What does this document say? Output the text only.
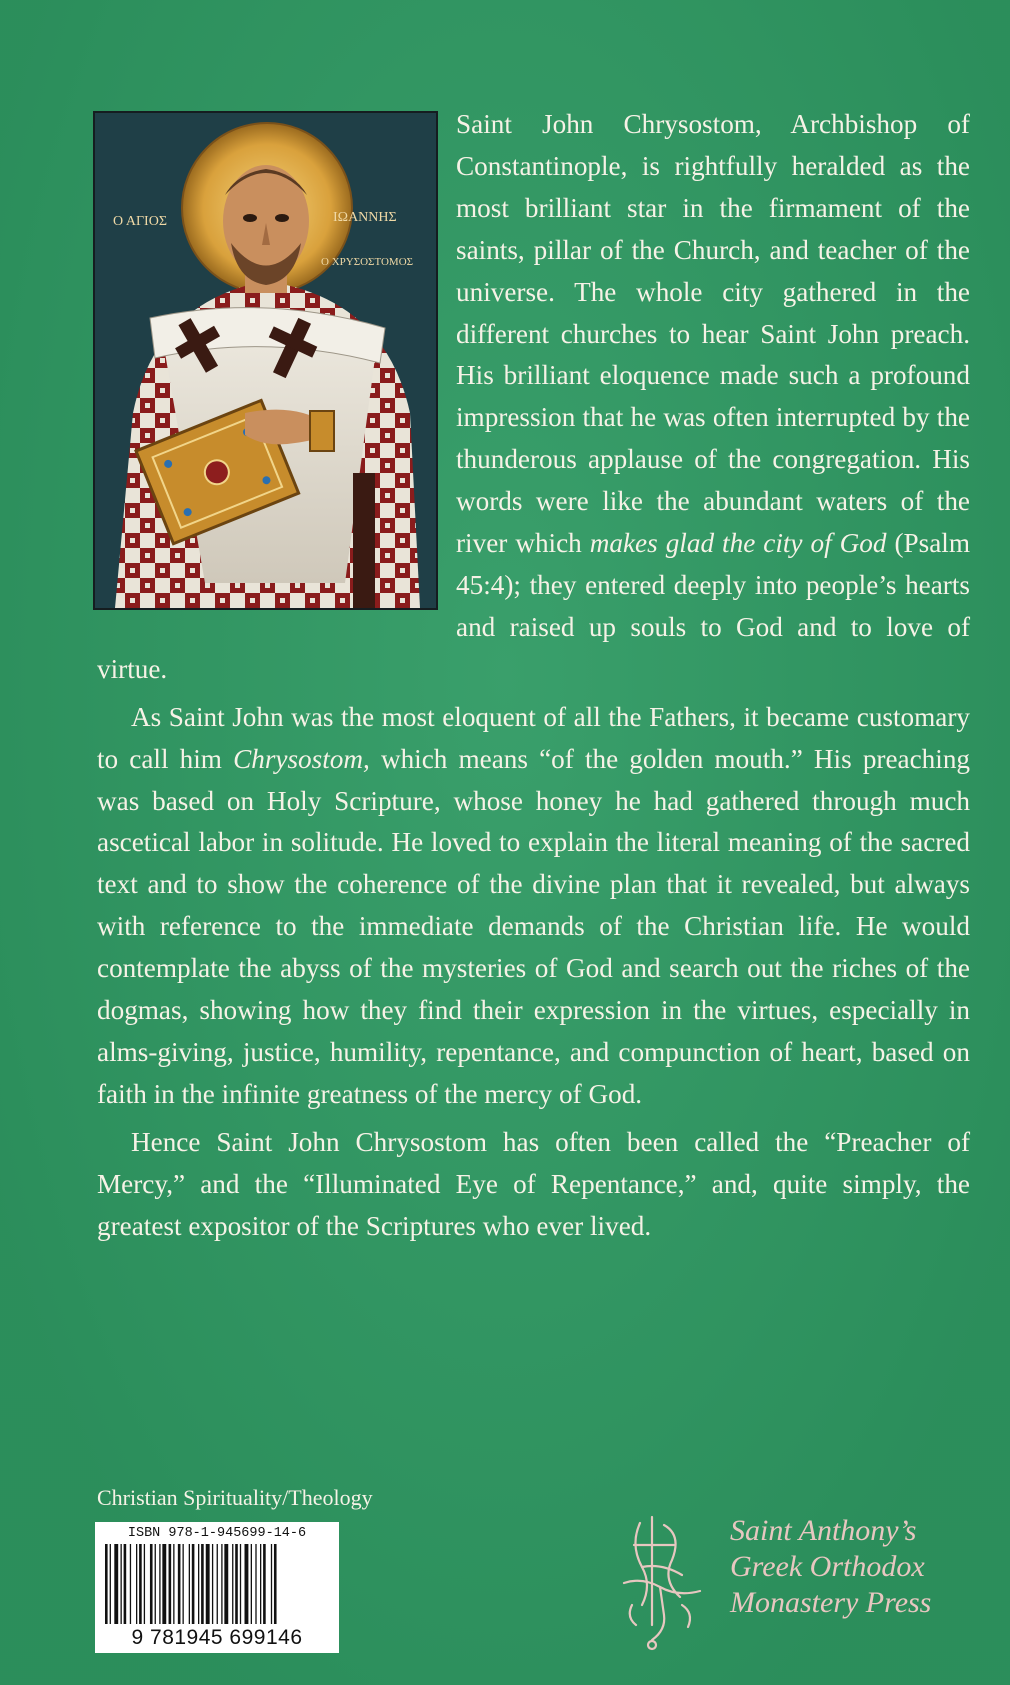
Ο ΑΓΙΟΣ	ΙΩΑΝΝΗΣ
Ο ΧΡΥΣΟΣΤΟΜΟΣ

Saint John Chrysostom, Archbishop of Constantinople, is rightfully heralded as the most brilliant star in the firmament of the saints, pillar of the Church, and teacher of the universe. The whole city gathered in the different churches to hear Saint John preach. His brilliant eloquence made such a profound impression that he was often interrupted by the thunderous applause of the congregation. His words were like the abundant waters of the river which makes glad the city of God (Psalm 45:4); they entered deeply into people’s hearts and raised up souls to God and to love of virtue.

As Saint John was the most eloquent of all the Fathers, it became customary to call him Chrysostom, which means “of the golden mouth.” His preaching was based on Holy Scripture, whose honey he had gathered through much ascetical labor in solitude. He loved to explain the literal meaning of the sacred text and to show the coherence of the divine plan that it revealed, but always with reference to the immediate demands of the Christian life. He would contemplate the abyss of the mysteries of God and search out the riches of the dogmas, showing how they find their expression in the virtues, especially in alms-giving, justice, humility, repentance, and compunction of heart, based on faith in the infinite greatness of the mercy of God.

Hence Saint John Chrysostom has often been called the “Preacher of Mercy,” and the “Illuminated Eye of Repentance,” and, quite simply, the greatest expositor of the Scriptures who ever lived.

Christian Spirituality/Theology
ISBN 978-1-945699-14-6
9 781945 699146
Saint Anthony’s
Greek Orthodox
Monastery Press
